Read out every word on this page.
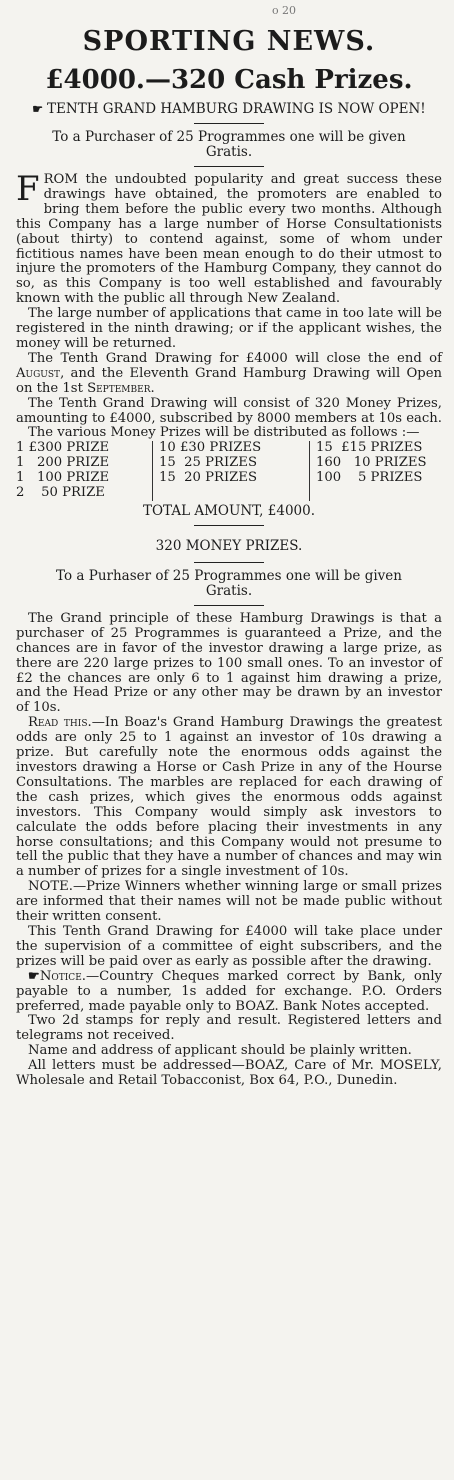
o 20
SPORTING NEWS.
£4000.—320 Cash Prizes.
☛ TENTH GRAND HAMBURG DRAWING IS NOW OPEN!
To a Purchaser of 25 Programmes one will be given
Gratis.

FROM the undoubted popularity and great success these drawings have obtained, the promoters are enabled to bring them before the public every two months. Although this Company has a large number of Horse Consultationists (about thirty) to contend against, some of whom under fictitious names have been mean enough to do their utmost to injure the promoters of the Hamburg Company, they cannot do so, as this Company is too well established and favourably known with the public all through New Zealand.

The large number of applications that came in too late will be registered in the ninth drawing; or if the applicant wishes, the money will be returned.

The Tenth Grand Drawing for £4000 will close the end of August, and the Eleventh Grand Hamburg Drawing will Open on the 1st September.

The Tenth Grand Drawing will consist of 320 Money Prizes, amounting to £4000, subscribed by 8000 members at 10s each.

The various Money Prizes will be distributed as follows :—

1 £300 PRIZE	10 £30 PRIZES	15  £15 PRIZES
1   200 PRIZE	15  25 PRIZES	160   10 PRIZES
1   100 PRIZE	15  20 PRIZES	100    5 PRIZES
2    50 PRIZE
TOTAL AMOUNT, £4000.
320 MONEY PRIZES.
To a Purhaser of 25 Programmes one will be given
Gratis.

The Grand principle of these Hamburg Drawings is that a purchaser of 25 Programmes is guaranteed a Prize, and the chances are in favor of the investor drawing a large prize, as there are 220 large prizes to 100 small ones. To an investor of £2 the chances are only 6 to 1 against him drawing a prize, and the Head Prize or any other may be drawn by an investor of 10s.

Read this.—In Boaz's Grand Hamburg Drawings the greatest odds are only 25 to 1 against an investor of 10s drawing a prize. But carefully note the enormous odds against the investors drawing a Horse or Cash Prize in any of the Hourse Consultations. The marbles are replaced for each drawing of the cash prizes, which gives the enormous odds against investors. This Company would simply ask investors to calculate the odds before placing their investments in any horse consultations; and this Company would not presume to tell the public that they have a number of chances and may win a number of prizes for a single investment of 10s.

NOTE.—Prize Winners whether winning large or small prizes are informed that their names will not be made public without their written consent.

This Tenth Grand Drawing for £4000 will take place under the supervision of a committee of eight subscribers, and the prizes will be paid over as early as possible after the drawing.

☛Notice.—Country Cheques marked correct by Bank, only payable to a number, 1s added for exchange. P.O. Orders preferred, made payable only to BOAZ. Bank Notes accepted.

Two 2d stamps for reply and result. Registered letters and telegrams not received.

Name and address of applicant should be plainly written.

All letters must be addressed—BOAZ, Care of Mr. MOSELY, Wholesale and Retail Tobacconist, Box 64, P.O., Dunedin.
